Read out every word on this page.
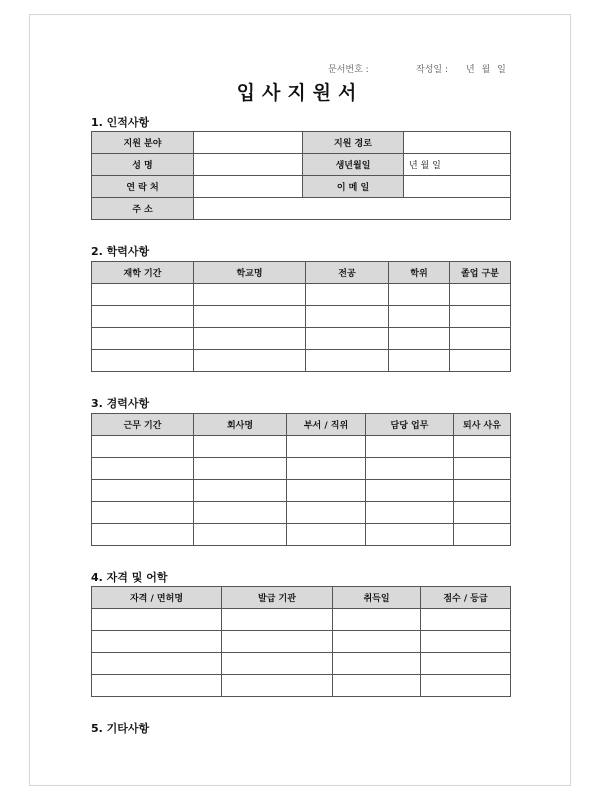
문서번호 :	작성일 : 년 월 일
입사지원서
1. 인적사항
지원 분야		지원 경로	
성 명		생년월일	년 월 일
연 락 처		이 메 일	
주 소			
2. 학력사항
재학 기간	학교명	전공	학위	졸업 구분

3. 경력사항
근무 기간	회사명	부서 / 직위	담당 업무	퇴사 사유

4. 자격 및 어학
자격 / 면허명	발급 기관	취득일	점수 / 등급

5. 기타사항
